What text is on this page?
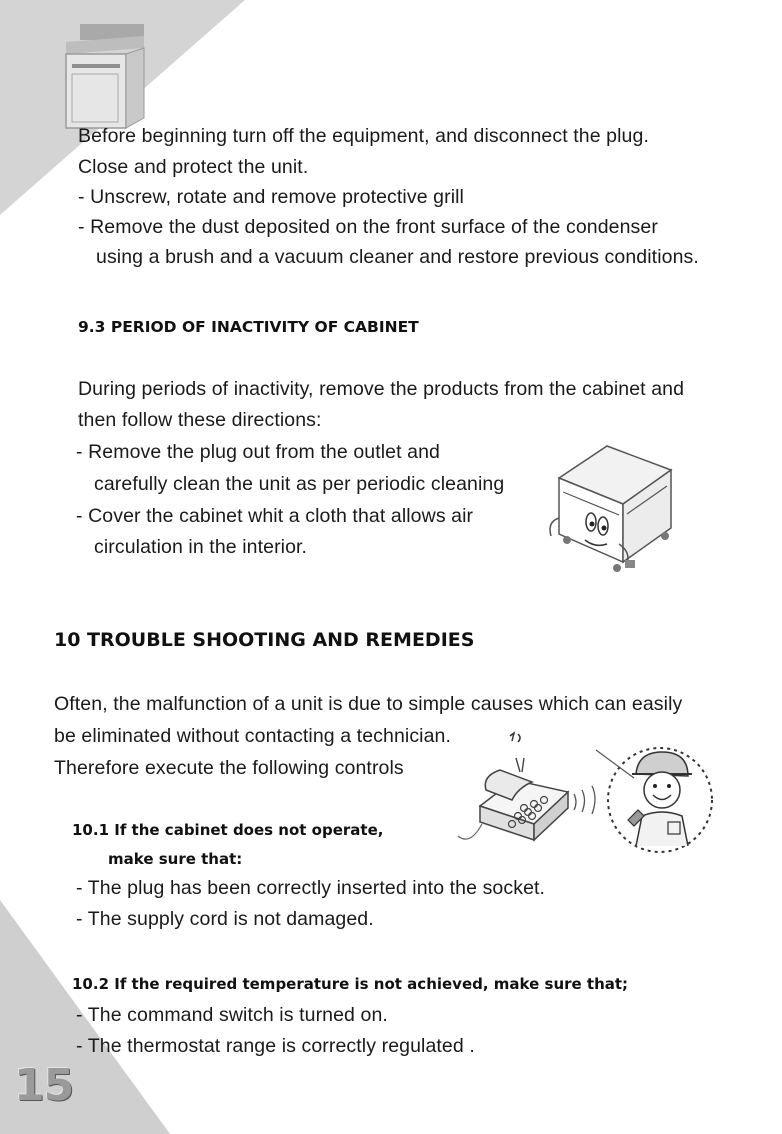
Before beginning turn off the equipment, and disconnect the plug.
Close and protect the unit.
- Unscrew, rotate and remove protective grill
- Remove the dust deposited on the front surface of the condenser
using a brush and a vacuum cleaner and restore previous conditions.
9.3 PERIOD OF INACTIVITY OF CABINET
During periods of inactivity, remove the products from the cabinet and
then follow these directions:
- Remove the plug out from the outlet and
carefully clean the unit as per periodic cleaning
- Cover the cabinet whit a cloth that allows air
circulation in the interior.
10 TROUBLE SHOOTING AND REMEDIES
Often, the malfunction of a unit is due to simple causes which can easily
be eliminated without contacting a technician.
Therefore execute the following controls
10.1 If the cabinet does not operate,
make sure that:
- The plug has been correctly inserted into the socket.
- The supply cord is not damaged.
10.2 If the required temperature is not achieved, make sure that;
- The command switch is turned on.
- The thermostat range is correctly regulated .
15
